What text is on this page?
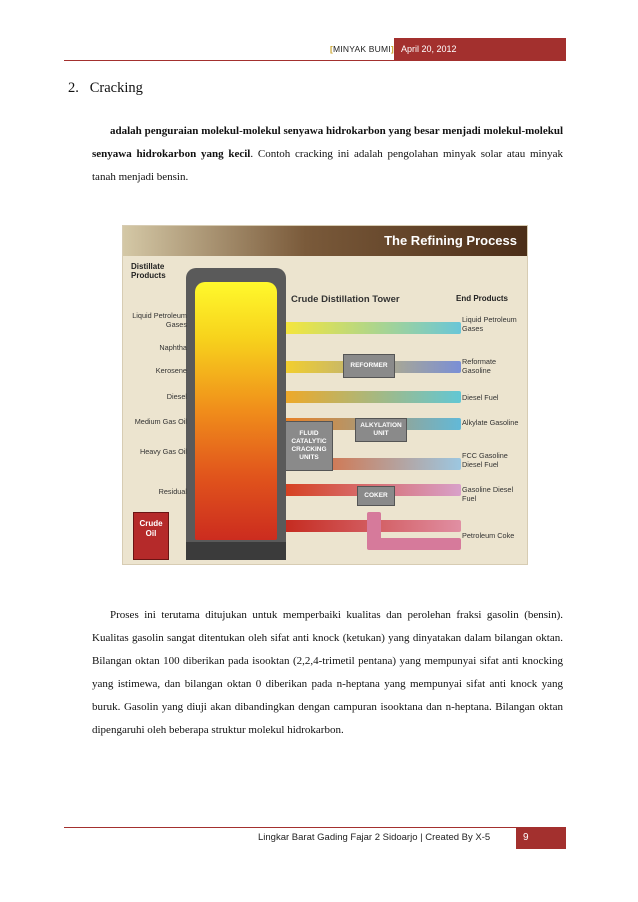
[MINYAK BUMI] April 20, 2012
2. Cracking
adalah penguraian molekul-molekul senyawa hidrokarbon yang besar menjadi molekul-molekul senyawa hidrokarbon yang kecil. Contoh cracking ini adalah pengolahan minyak solar atau minyak tanah menjadi bensin.
The Refining Process
Distillate Products
End Products
Crude Distillation Tower
REFORMER
FLUID CATALYTIC CRACKING UNITS
ALKYLATION UNIT
COKER
Liquid Petroleum Gases
Naphtha
Kerosene
Diesel
Medium Gas Oil
Heavy Gas Oil
Residual
Liquid Petroleum Gases
Reformate Gasoline
Diesel Fuel
Alkylate Gasoline
FCC Gasoline Diesel Fuel
Gasoline Diesel Fuel
Petroleum Coke
Crude Oil
Proses ini terutama ditujukan untuk memperbaiki kualitas dan perolehan fraksi gasolin (bensin). Kualitas gasolin sangat ditentukan oleh sifat anti knock (ketukan) yang dinyatakan dalam bilangan oktan. Bilangan oktan 100 diberikan pada isooktan (2,2,4-trimetil pentana) yang mempunyai sifat anti knocking yang istimewa, dan bilangan oktan 0 diberikan pada n-heptana yang mempunyai sifat anti knock yang buruk. Gasolin yang diuji akan dibandingkan dengan campuran isooktana dan n-heptana. Bilangan oktan dipengaruhi oleh beberapa struktur molekul hidrokarbon.
Lingkar Barat Gading Fajar 2 Sidoarjo | Created By X-5	9
